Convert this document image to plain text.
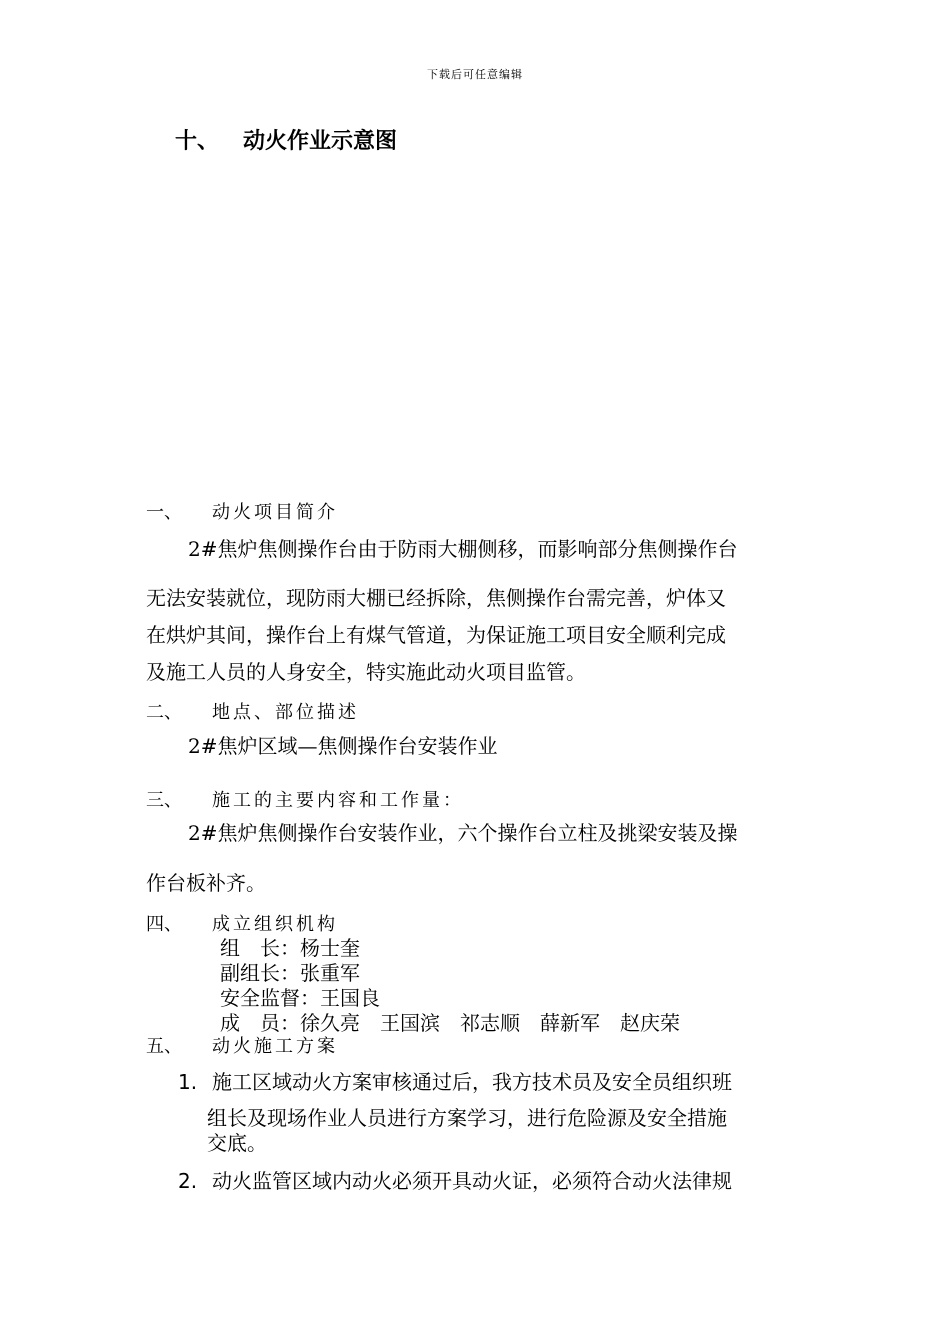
下载后可任意编辑
十、 动火作业示意图
一、 动火项目简介
2#焦炉焦侧操作台由于防雨大棚侧移，而影响部分焦侧操作台
无法安装就位，现防雨大棚已经拆除，焦侧操作台需完善，炉体又
在烘炉其间，操作台上有煤气管道，为保证施工项目安全顺利完成
及施工人员的人身安全，特实施此动火项目监管。
二、 地点、部位描述
2#焦炉区域—焦侧操作台安装作业
三、 施工的主要内容和工作量：
2#焦炉焦侧操作台安装作业，六个操作台立柱及挑梁安装及操
作台板补齐。
四、 成立组织机构
组　长：杨士奎
副组长：张重军
安全监督：王国良
成　员：徐久亮　王国滨　祁志顺　薛新军　赵庆荣
五、 动火施工方案
1. 施工区域动火方案审核通过后，我方技术员及安全员组织班
组长及现场作业人员进行方案学习，进行危险源及安全措施
交底。
2. 动火监管区域内动火必须开具动火证，必须符合动火法律规
